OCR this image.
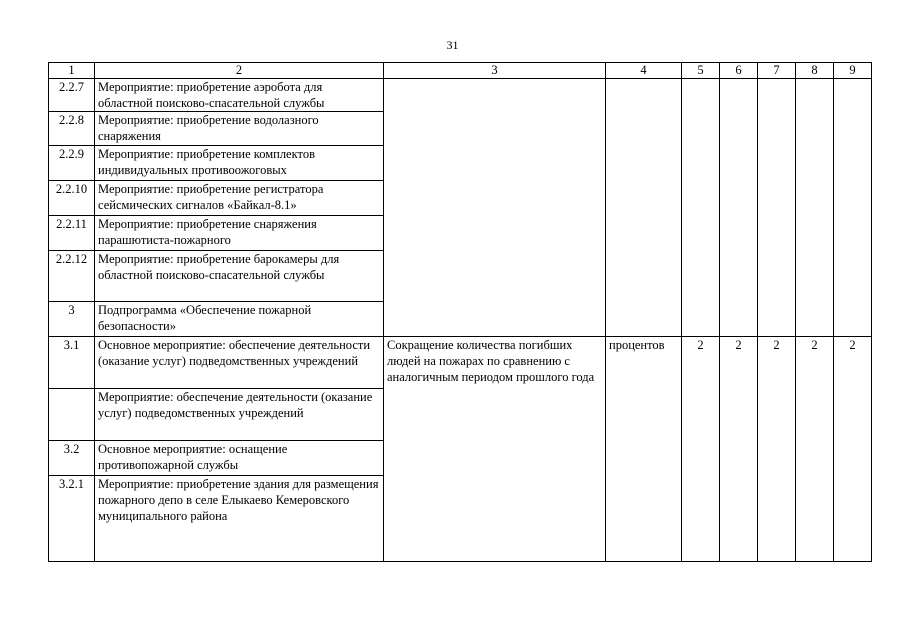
31
1	2	3	4	5	6	7	8	9
2.2.7	Мероприятие: приобретение аэробота для областной поисково-спасательной службы							
2.2.8	Мероприятие: приобретение водолазного снаряжения							
2.2.9	Мероприятие: приобретение комплектов индивидуальных противоожоговых							
2.2.10	Мероприятие: приобретение регистратора сейсмических сигналов «Байкал-8.1»							
2.2.11	Мероприятие: приобретение снаряжения парашютиста-пожарного							
2.2.12	Мероприятие: приобретение барокамеры для областной поисково-спасательной службы							
3	Подпрограмма «Обеспечение пожарной безопасности»							
3.1	Основное мероприятие: обеспечение деятельности (оказание услуг) подведомственных учреждений	Сокращение количества погибших людей на пожарах по сравнению с аналогичным периодом прошлого года	процентов	2	2	2	2	2
	Мероприятие: обеспечение деятельности (оказание услуг) подведомственных учреждений							
3.2	Основное мероприятие: оснащение противопожарной службы							
3.2.1	Мероприятие: приобретение здания для размещения пожарного депо в селе Елыкаево Кемеровского муниципального района							
